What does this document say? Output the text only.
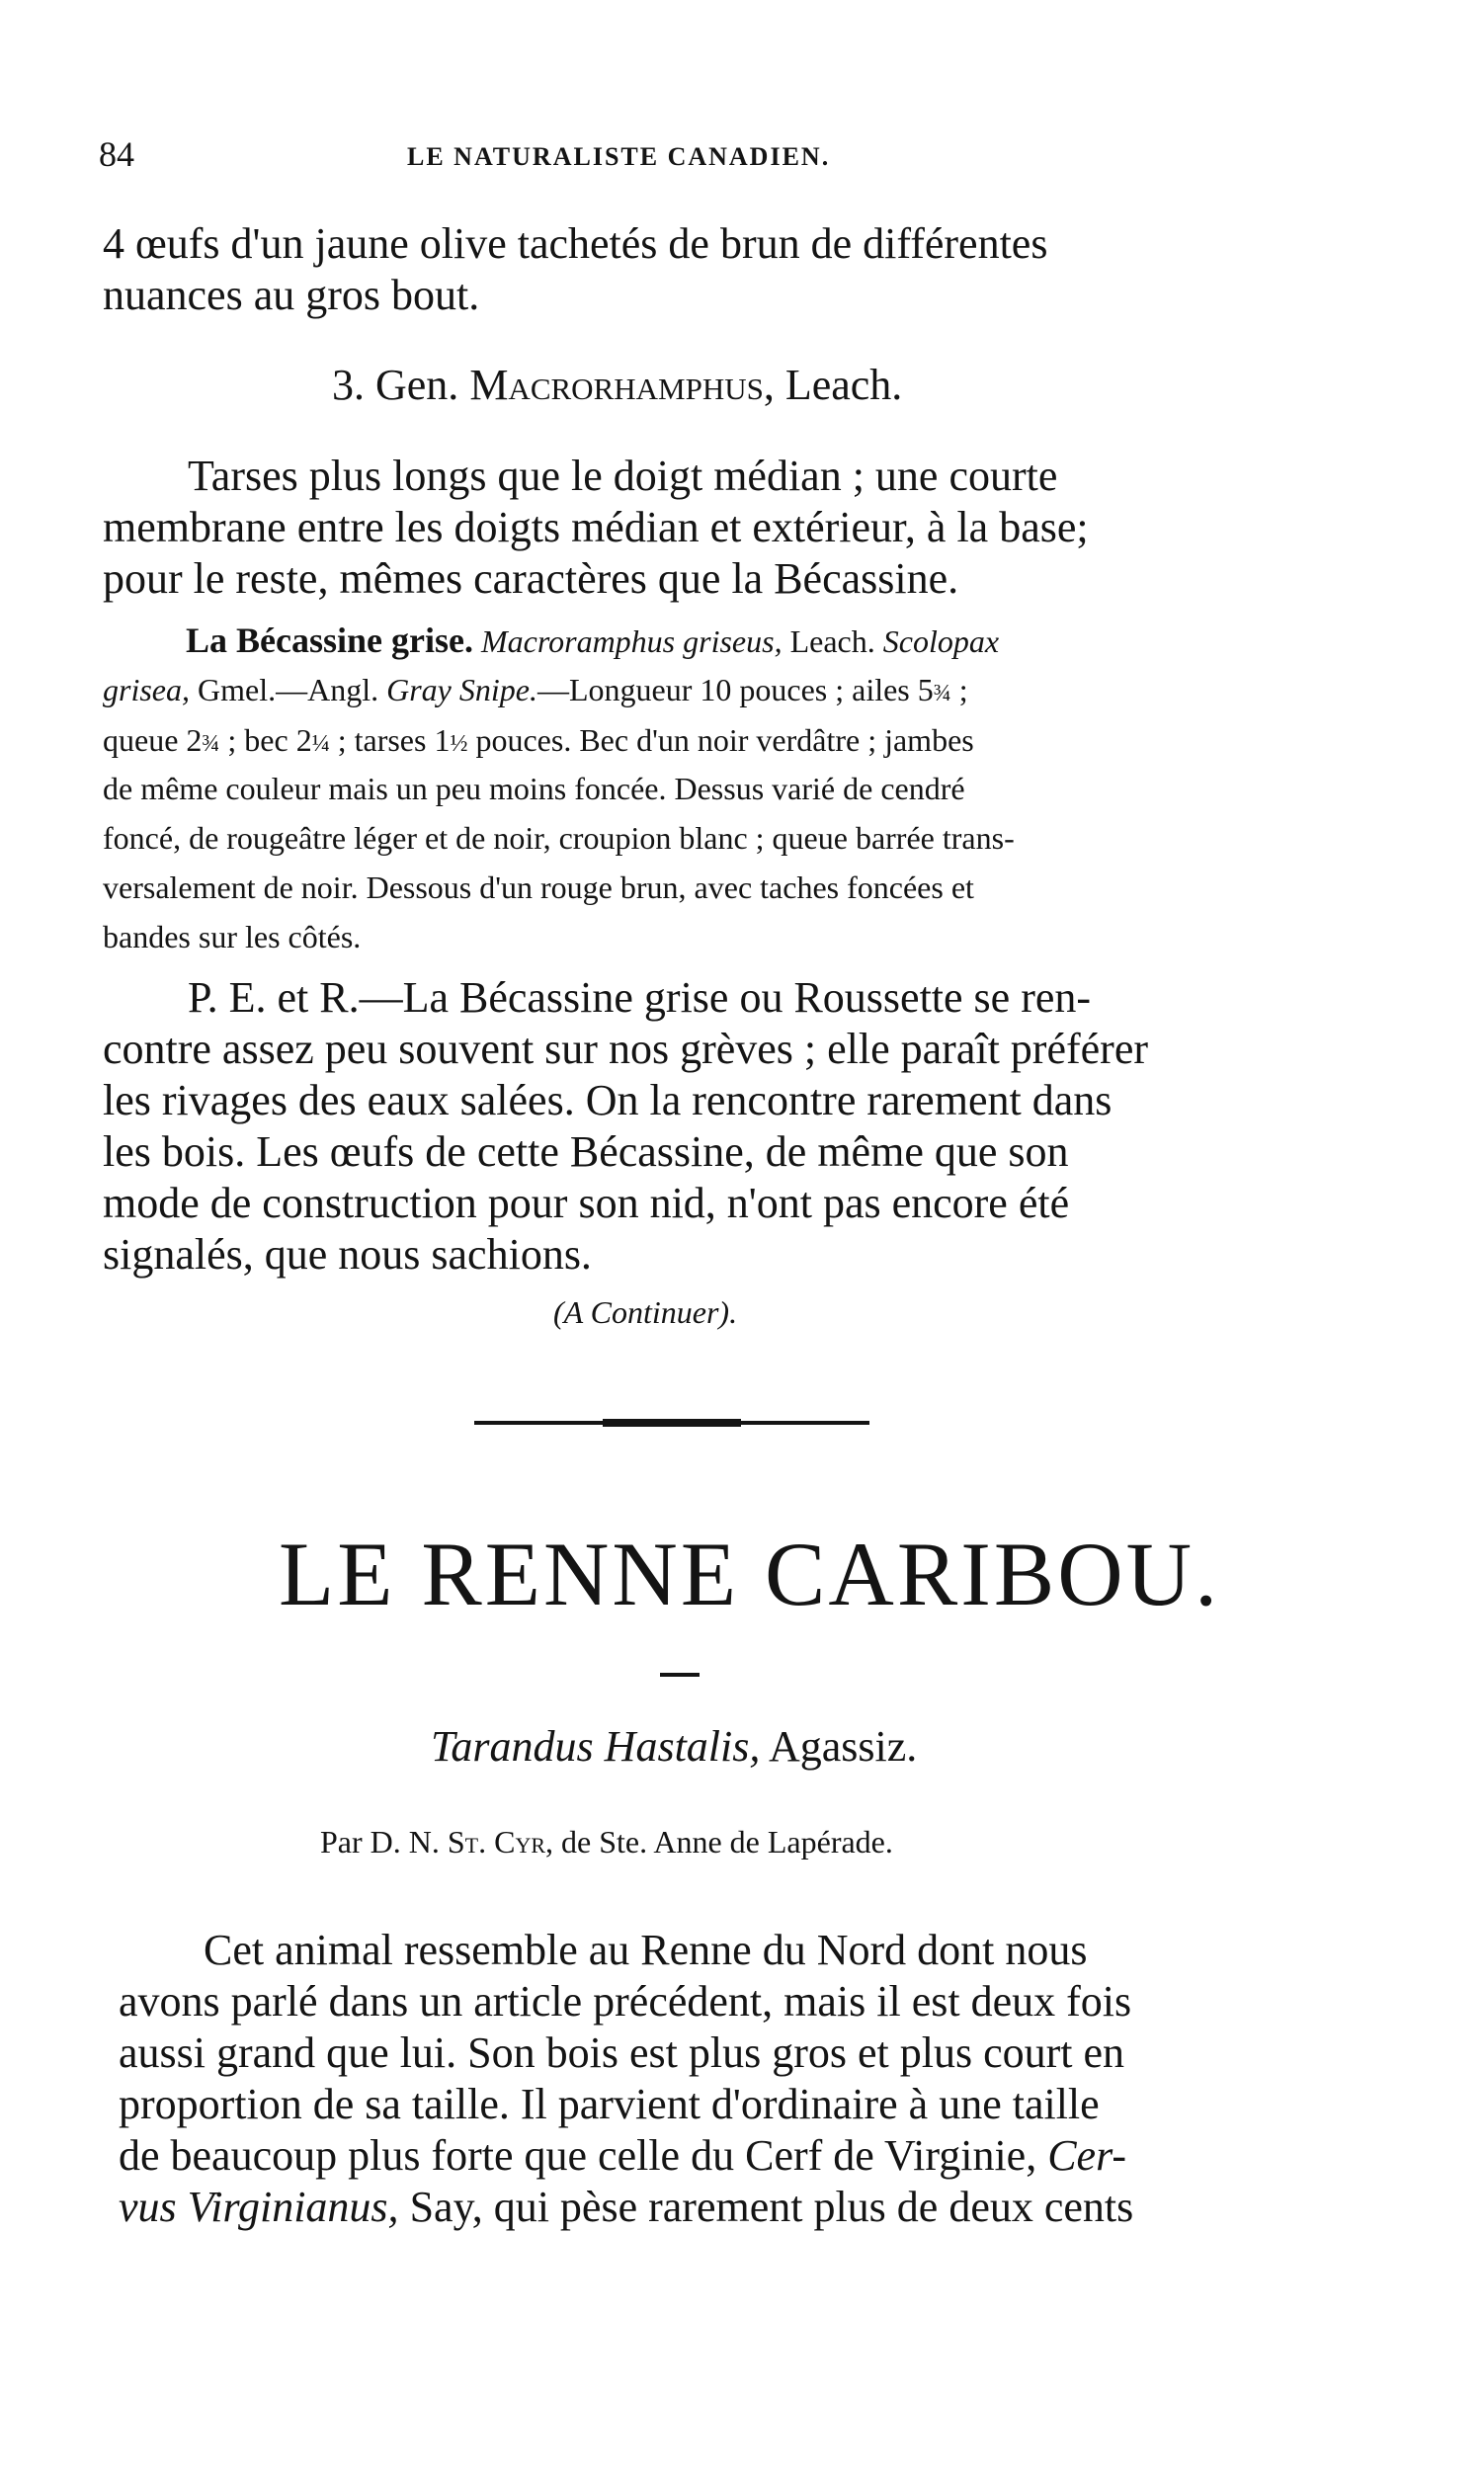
84	LE NATURALISTE CANADIEN.
4 œufs d'un jaune olive tachetés de brun de différentes
nuances au gros bout.
3. Gen. Macrorhamphus, Leach.
Tarses plus longs que le doigt médian ; une courte
membrane entre les doigts médian et extérieur, à la base;
pour le reste, mêmes caractères que la Bécassine.
La Bécassine grise. Macroramphus griseus, Leach. Scolopax
grisea, Gmel.—Angl. Gray Snipe.—Longueur 10 pouces ; ailes 5¾ ;
queue 2¾ ; bec 2¼ ; tarses 1½ pouces. Bec d'un noir verdâtre ; jambes
de même couleur mais un peu moins foncée. Dessus varié de cendré
foncé, de rougeâtre léger et de noir, croupion blanc ; queue barrée trans-
versalement de noir. Dessous d'un rouge brun, avec taches foncées et
bandes sur les côtés.
P. E. et R.—La Bécassine grise ou Roussette se ren-
contre assez peu souvent sur nos grèves ; elle paraît préférer
les rivages des eaux salées. On la rencontre rarement dans
les bois. Les œufs de cette Bécassine, de même que son
mode de construction pour son nid, n'ont pas encore été
signalés, que nous sachions.
(A Continuer).
LE RENNE CARIBOU.
Tarandus Hastalis, Agassiz.
Par D. N. St. Cyr, de Ste. Anne de Lapérade.
Cet animal ressemble au Renne du Nord dont nous
avons parlé dans un article précédent, mais il est deux fois
aussi grand que lui. Son bois est plus gros et plus court en
proportion de sa taille. Il parvient d'ordinaire à une taille
de beaucoup plus forte que celle du Cerf de Virginie, Cer-
vus Virginianus, Say, qui pèse rarement plus de deux cents
